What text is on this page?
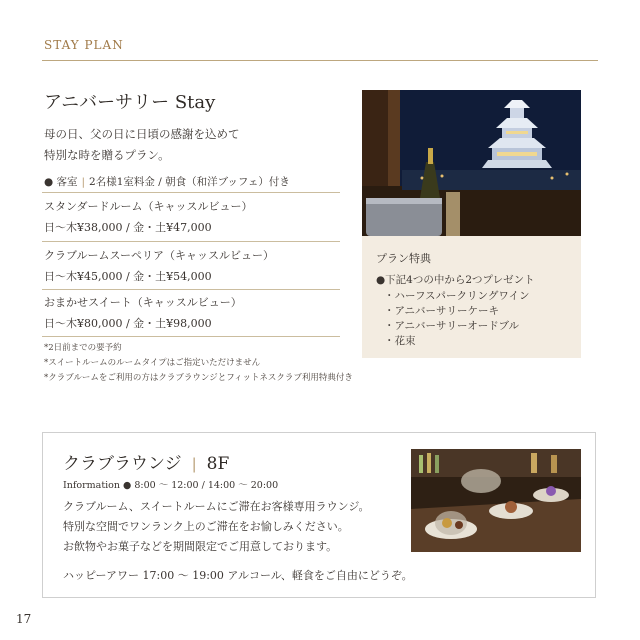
STAY PLAN
アニバーサリー Stay
母の日、父の日に日頃の感謝を込めて
特別な時を贈るプラン。
● 客室 | 2名様1室料金 / 朝食（和洋ブッフェ）付き
スタンダードルーム（キャッスルビュー）
日〜木¥38,000 / 金・土¥47,000
クラブルームスーペリア（キャッスルビュー）
日〜木¥45,000 / 金・土¥54,000
おまかせスイート（キャッスルビュー）
日〜木¥80,000 / 金・土¥98,000
*2日前までの要予約
*スイートルームのルームタイプはご指定いただけません
*クラブルームをご利用の方はクラブラウンジとフィットネスクラブ利用特典付き
プラン特典
●下記4つの中から2つプレゼント
・ハーフスパークリングワイン
・アニバーサリーケーキ
・アニバーサリーオードブル
・花束
クラブラウンジ | 8F
Information ● 8:00 〜 12:00 / 14:00 〜 20:00
クラブルーム、スイートルームにご滞在お客様専用ラウンジ。
特別な空間でワンランク上のご滞在をお愉しみください。
お飲物やお菓子などを期間限定でご用意しております。
ハッピーアワー 17:00 〜 19:00 アルコール、軽食をご自由にどうぞ。
17
